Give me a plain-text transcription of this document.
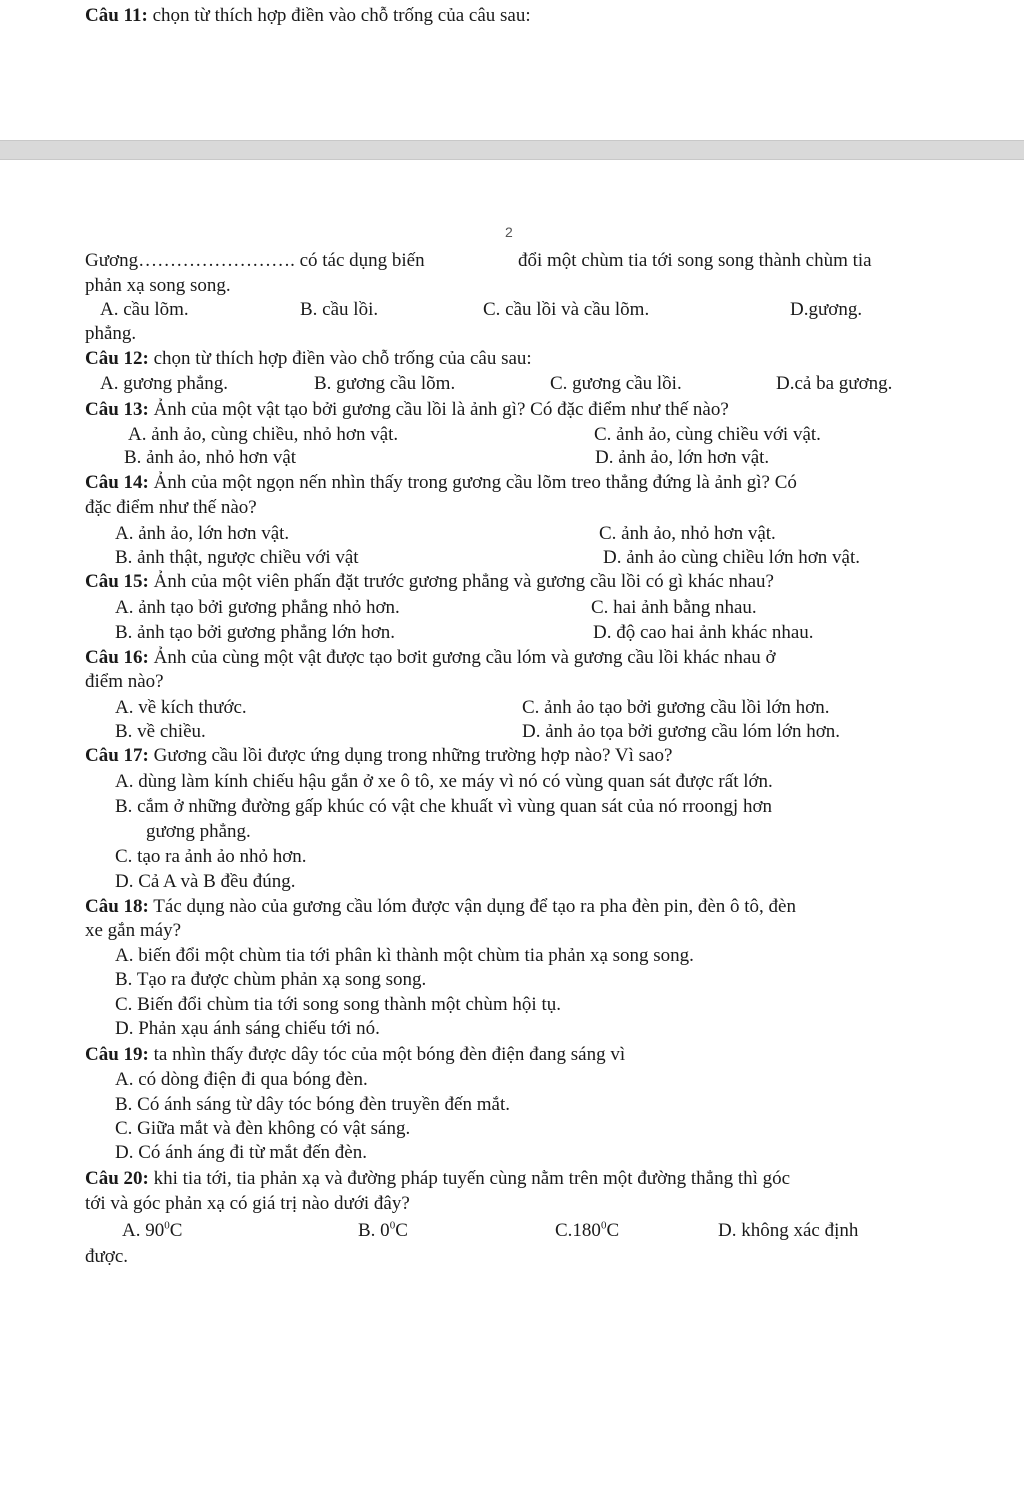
Câu 11: chọn từ thích hợp điền vào chỗ trống của câu sau:
2
Gương……………………. có tác dụng biến	đổi một chùm tia tới song song thành chùm tia
phản xạ song song.
A. cầu lõm.	B. cầu lồi.	C. cầu lồi và cầu lõm.	D.gương.
phẳng.
Câu 12: chọn từ thích hợp điền vào chỗ trống của câu sau:
A. gương phẳng.	B. gương cầu lõm.	C. gương cầu lồi.	D.cả ba gương.
Câu 13: Ảnh của một vật tạo bởi gương cầu lồi là ảnh gì? Có đặc điểm như thế nào?
A. ảnh ảo, cùng chiều, nhỏ hơn vật.	C. ảnh ảo, cùng chiều với vật.
B. ảnh ảo, nhỏ hơn vật	D. ảnh ảo, lớn hơn vật.
Câu 14: Ảnh của một ngọn nến nhìn thấy trong gương cầu lõm treo thẳng đứng là ảnh gì? Có
đặc điểm như thế nào?
A. ảnh ảo, lớn hơn vật.	C. ảnh ảo, nhỏ hơn vật.
B. ảnh thật, ngược chiều với vật	D. ảnh ảo cùng chiều lớn hơn vật.
Câu 15: Ảnh của một viên phấn đặt trước gương phẳng và gương cầu lồi có gì khác nhau?
A. ảnh tạo bởi gương phẳng nhỏ hơn.	C. hai ảnh bằng nhau.
B. ảnh tạo bởi gương phẳng lớn hơn.	D. độ cao hai ảnh khác nhau.
Câu 16: Ảnh của cùng một vật được tạo bơit gương cầu lóm và gương cầu lồi khác nhau ở
điểm nào?
A. về kích thước.	C. ảnh ảo tạo bởi gương cầu lồi lớn hơn.
B. về chiều.	D. ảnh ảo tọa bởi gương cầu lóm lớn hơn.
Câu 17: Gương cầu lồi được ứng dụng trong những trường hợp nào? Vì sao?
A. dùng làm kính chiếu hậu gắn ở xe ô tô, xe máy vì nó có vùng quan sát được rất lớn.
B. cắm ở những đường gấp khúc có vật che khuất vì vùng quan sát của nó rroongj hơn
gương phẳng.
C. tạo ra ảnh ảo nhỏ hơn.
D. Cả A và B đều đúng.
Câu 18: Tác dụng nào của gương cầu lóm được vận dụng để tạo ra pha đèn pin, đèn ô tô, đèn
xe gắn máy?
A. biến đổi một chùm tia tới phân kì thành một chùm tia phản xạ song song.
B. Tạo ra được chùm phản xạ song song.
C. Biến đổi chùm tia tới song song thành một chùm hội tụ.
D. Phản xạu ánh sáng chiếu tới nó.
Câu 19: ta nhìn thấy được dây tóc của một bóng đèn điện đang sáng vì
A. có dòng điện đi qua bóng đèn.
B. Có ánh sáng từ dây tóc bóng đèn truyền đến mắt.
C. Giữa mắt và đèn không có vật sáng.
D. Có ánh áng đi từ mắt đến đèn.
Câu 20: khi tia tới, tia phản xạ và đường pháp tuyến cùng nằm trên một đường thẳng thì góc
tới và góc phản xạ có giá trị nào dưới đây?
A. $90^0C$	B. $0^0C$	C.180$^0$C	D. không xác định
được.
